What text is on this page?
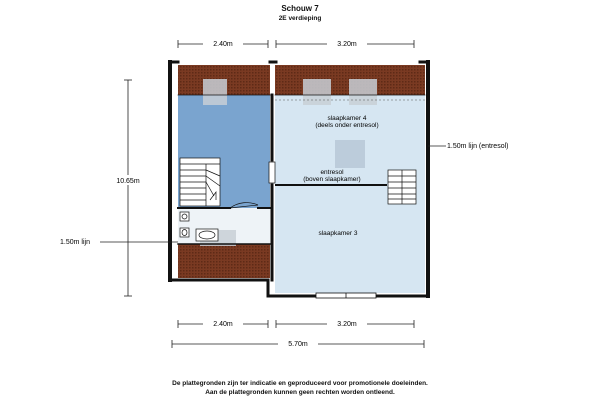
Schouw 7
2E verdieping
2.40m	3.20m
10.65m
1.50m lijn
1.50m lijn (entresol)
slaapkamer 4
(deels onder entresol)
entresol
(boven slaapkamer)
slaapkamer 3
2.40m	3.20m
5.70m
De plattegronden zijn ter indicatie en geproduceerd voor promotionele doeleinden.
Aan de plattegronden kunnen geen rechten worden ontleend.
